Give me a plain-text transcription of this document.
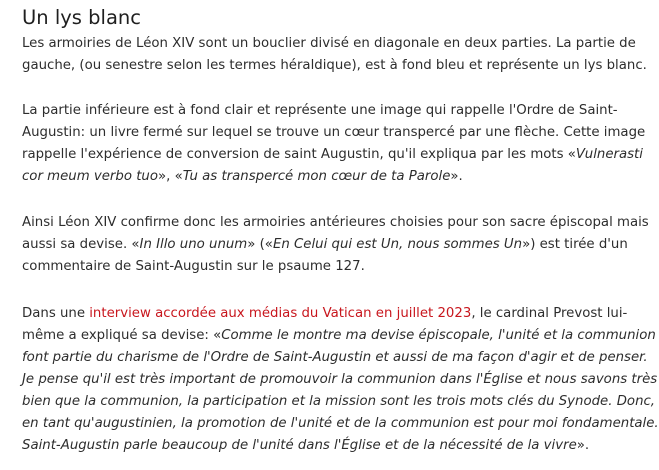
Un lys blanc
Les armoiries de Léon XIV sont un bouclier divisé en diagonale en deux parties. La partie de
gauche, (ou senestre selon les termes héraldique), est à fond bleu et représente un lys blanc.
La partie inférieure est à fond clair et représente une image qui rappelle l'Ordre de Saint-
Augustin: un livre fermé sur lequel se trouve un cœur transpercé par une flèche. Cette image
rappelle l'expérience de conversion de saint Augustin, qu'il expliqua par les mots «Vulnerasti
cor meum verbo tuo», «Tu as transpercé mon cœur de ta Parole».
Ainsi Léon XIV confirme donc les armoiries antérieures choisies pour son sacre épiscopal mais
aussi sa devise. «In Illo uno unum» («En Celui qui est Un, nous sommes Un») est tirée d'un
commentaire de Saint-Augustin sur le psaume 127.
Dans une interview accordée aux médias du Vatican en juillet 2023, le cardinal Prevost lui-
même a expliqué sa devise: «Comme le montre ma devise épiscopale, l'unité et la communion
font partie du charisme de l'Ordre de Saint-Augustin et aussi de ma façon d'agir et de penser.
Je pense qu'il est très important de promouvoir la communion dans l'Église et nous savons très
bien que la communion, la participation et la mission sont les trois mots clés du Synode. Donc,
en tant qu'augustinien, la promotion de l'unité et de la communion est pour moi fondamentale.
Saint-Augustin parle beaucoup de l'unité dans l'Église et de la nécessité de la vivre».
